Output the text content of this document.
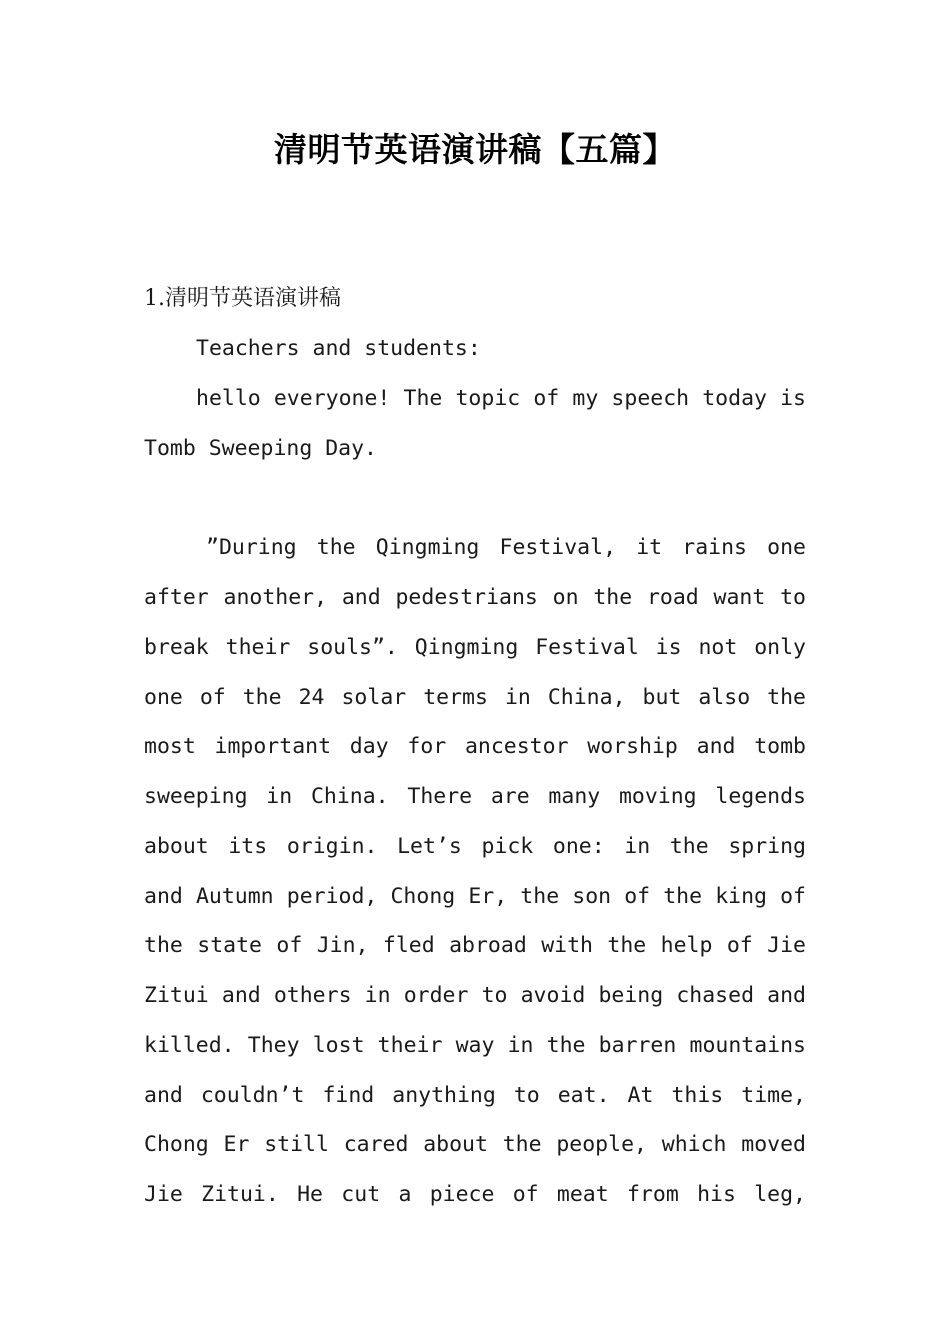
清明节英语演讲稿【五篇】
1.清明节英语演讲稿
Teachers and students:
hello everyone! The topic of my speech today is
Tomb Sweeping Day.
”During the Qingming Festival, it rains one
after another, and pedestrians on the road want to
break their souls”. Qingming Festival is not only
one of the 24 solar terms in China, but also the
most important day for ancestor worship and tomb
sweeping in China. There are many moving legends
about its origin. Let’s pick one: in the spring
and Autumn period, Chong Er, the son of the king of
the state of Jin, fled abroad with the help of Jie
Zitui and others in order to avoid being chased and
killed. They lost their way in the barren mountains
and couldn’t find anything to eat. At this time,
Chong Er still cared about the people, which moved
Jie Zitui. He cut a piece of meat from his leg,
